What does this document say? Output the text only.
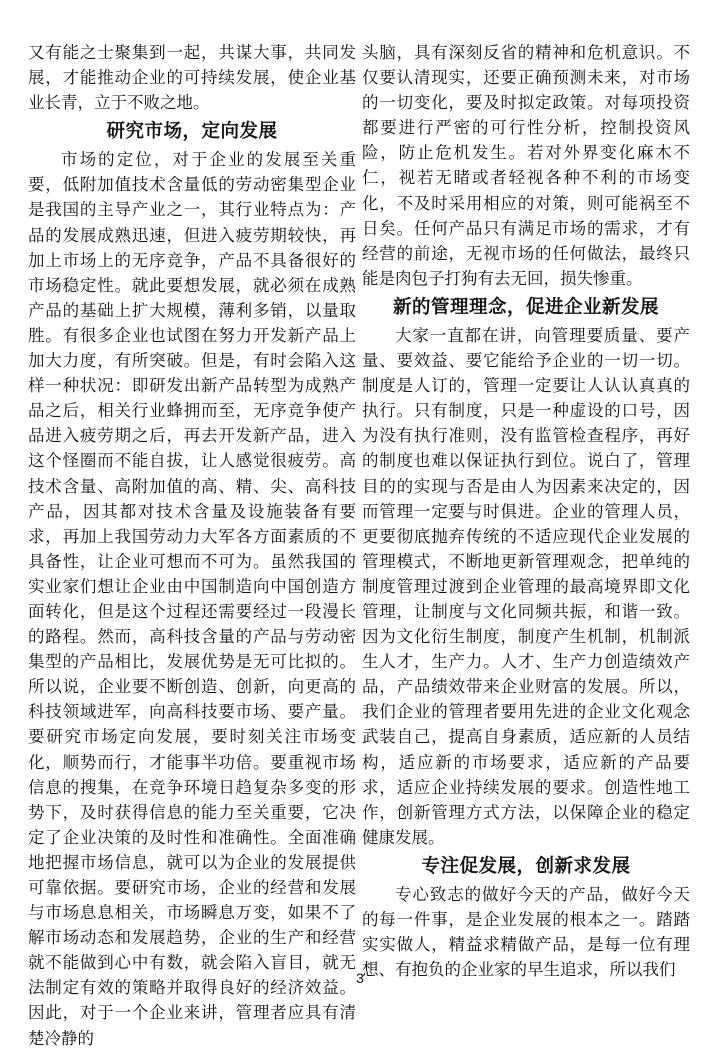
又有能之士聚集到一起，共谋大事，共同发展，才能推动企业的可持续发展，使企业基业长青，立于不败之地。

研究市场，定向发展

市场的定位，对于企业的发展至关重要，低附加值技术含量低的劳动密集型企业是我国的主导产业之一，其行业特点为：产品的发展成熟迅速，但进入疲劳期较快，再加上市场上的无序竞争，产品不具备很好的市场稳定性。就此要想发展，就必须在成熟产品的基础上扩大规模，薄利多销，以量取胜。有很多企业也试图在努力开发新产品上加大力度，有所突破。但是，有时会陷入这样一种状况：即研发出新产品转型为成熟产品之后，相关行业蜂拥而至，无序竞争使产品进入疲劳期之后，再去开发新产品，进入这个怪圈而不能自拔，让人感觉很疲劳。高技术含量、高附加值的高、精、尖、高科技产品，因其都对技术含量及设施装备有要求，再加上我国劳动力大军各方面素质的不具备性，让企业可想而不可为。虽然我国的实业家们想让企业由中国制造向中国创造方面转化，但是这个过程还需要经过一段漫长的路程。然而，高科技含量的产品与劳动密集型的产品相比，发展优势是无可比拟的。所以说，企业要不断创造、创新，向更高的科技领域进军，向高科技要市场、要产量。要研究市场定向发展，要时刻关注市场变化，顺势而行，才能事半功倍。要重视市场信息的搜集，在竞争环境日趋复杂多变的形势下，及时获得信息的能力至关重要，它决定了企业决策的及时性和准确性。全面准确地把握市场信息，就可以为企业的发展提供可靠依据。要研究市场，企业的经营和发展与市场息息相关，市场瞬息万变，如果不了解市场动态和发展趋势，企业的生产和经营就不能做到心中有数，就会陷入盲目，就无法制定有效的策略并取得良好的经济效益。因此，对于一个企业来讲，管理者应具有清楚冷静的

头脑，具有深刻反省的精神和危机意识。不仅要认清现实，还要正确预测未来，对市场的一切变化，要及时拟定政策。对每项投资都要进行严密的可行性分析，控制投资风险，防止危机发生。若对外界变化麻木不仁，视若无睹或者轻视各种不利的市场变化，不及时采用相应的对策，则可能祸至不日矣。任何产品只有满足市场的需求，才有经营的前途，无视市场的任何做法，最终只能是肉包子打狗有去无回，损失惨重。

新的管理理念，促进企业新发展

大家一直都在讲，向管理要质量、要产量、要效益、要它能给予企业的一切一切。制度是人订的，管理一定要让人认认真真的执行。只有制度，只是一种虚设的口号，因为没有执行准则，没有监管检查程序，再好的制度也难以保证执行到位。说白了，管理目的的实现与否是由人为因素来决定的，因而管理一定要与时俱进。企业的管理人员，更要彻底抛弃传统的不适应现代企业发展的管理模式，不断地更新管理观念，把单纯的制度管理过渡到企业管理的最高境界即文化管理，让制度与文化同频共振，和谐一致。因为文化衍生制度，制度产生机制，机制派生人才，生产力。人才、生产力创造绩效产品，产品绩效带来企业财富的发展。所以，我们企业的管理者要用先进的企业文化观念武装自己，提高自身素质，适应新的人员结构，适应新的市场要求，适应新的产品要求，适应企业持续发展的要求。创造性地工作，创新管理方式方法，以保障企业的稳定健康发展。

专注促发展，创新求发展

专心致志的做好今天的产品，做好今天的每一件事，是企业发展的根本之一。踏踏实实做人，精益求精做产品，是每一位有理想、有抱负的企业家的早生追求，所以我们

3
